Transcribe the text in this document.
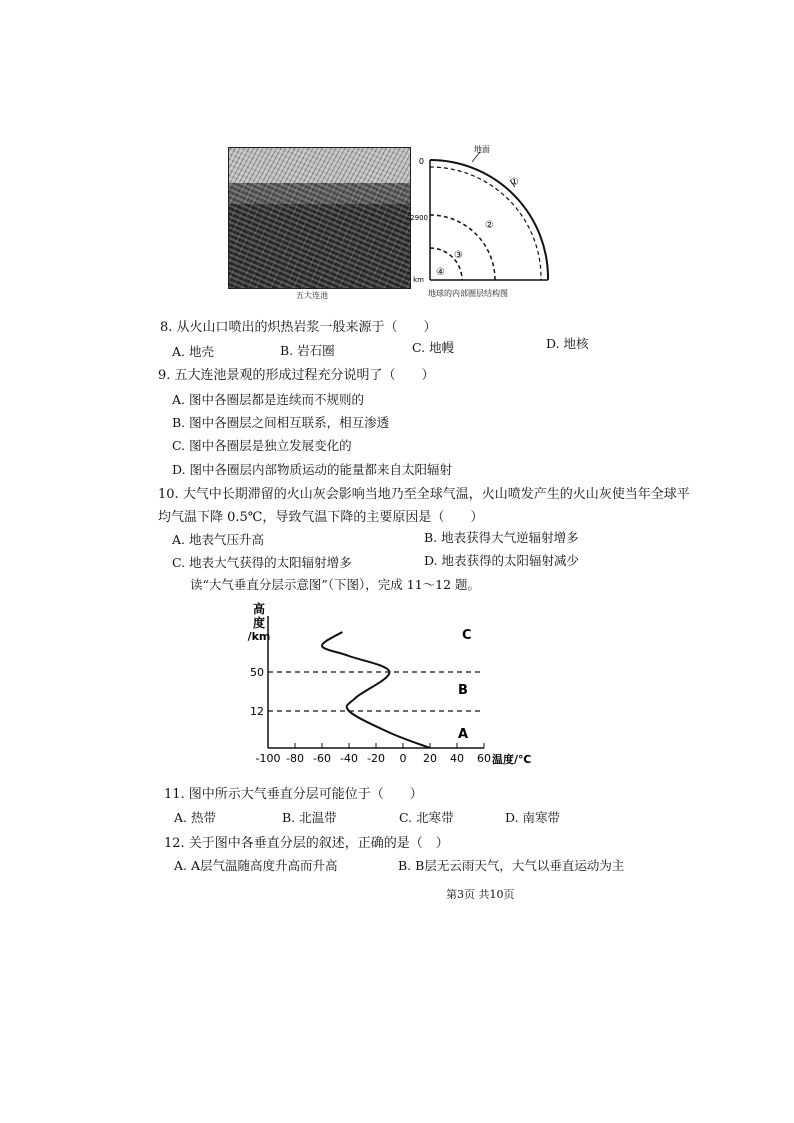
五大连池
0
2900
km
地面
①
②
③
④
地球的内部圈层结构图
8. 从火山口喷出的炽热岩浆一般来源于（　　）
A. 地壳	B. 岩石圈	C. 地幔	D. 地核
9. 五大连池景观的形成过程充分说明了（　　）
A. 图中各圈层都是连续而不规则的
B. 图中各圈层之间相互联系，相互渗透
C. 图中各圈层是独立发展变化的
D. 图中各圈层内部物质运动的能量都来自太阳辐射
10. 大气中长期滞留的火山灰会影响当地乃至全球气温，火山喷发产生的火山灰使当年全球平
均气温下降 0.5℃，导致气温下降的主要原因是（　　）
A. 地表气压升高	B. 地表获得大气逆辐射增多
C. 地表大气获得的太阳辐射增多	D. 地表获得的太阳辐射减少
读“大气垂直分层示意图”（下图），完成 11～12 题。
高
度
/km
-100 -80 -60 -40 -20 0 20 40 60
50
12
C
B
A
温度/℃
11. 图中所示大气垂直分层可能位于（　　）
A. 热带	B. 北温带	C. 北寒带	D. 南寒带
12. 关于图中各垂直分层的叙述，正确的是（　）
A. A层气温随高度升高而升高	B. B层无云雨天气，大气以垂直运动为主
第3页 共10页
